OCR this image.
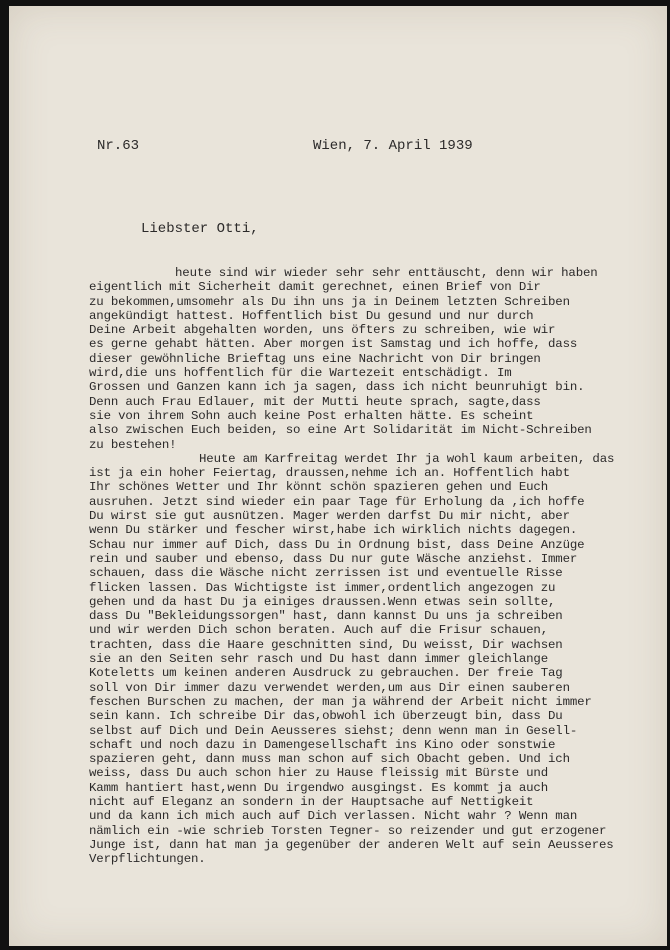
Nr.63	Wien, 7. April 1939
Liebster Otti,
heute sind wir wieder sehr sehr enttäuscht, denn wir haben
eigentlich mit Sicherheit damit gerechnet, einen Brief von Dir
zu bekommen,umsomehr als Du ihn uns ja in Deinem letzten Schreiben
angekündigt hattest. Hoffentlich bist Du gesund und nur durch
Deine Arbeit abgehalten worden, uns öfters zu schreiben, wie wir
es gerne gehabt hätten. Aber morgen ist Samstag und ich hoffe, dass
dieser gewöhnliche Brieftag uns eine Nachricht von Dir bringen
wird,die uns hoffentlich für die Wartezeit entschädigt. Im
Grossen und Ganzen kann ich ja sagen, dass ich nicht beunruhigt bin.
Denn auch Frau Edlauer, mit der Mutti heute sprach, sagte,dass
sie von ihrem Sohn auch keine Post erhalten hätte. Es scheint
also zwischen Euch beiden, so eine Art Solidarität im Nicht-Schreiben
zu bestehen!
Heute am Karfreitag werdet Ihr ja wohl kaum arbeiten, das
ist ja ein hoher Feiertag, draussen,nehme ich an. Hoffentlich habt
Ihr schönes Wetter und Ihr könnt schön spazieren gehen und Euch
ausruhen. Jetzt sind wieder ein paar Tage für Erholung da ,ich hoffe
Du wirst sie gut ausnützen. Mager werden darfst Du mir nicht, aber
wenn Du stärker und fescher wirst,habe ich wirklich nichts dagegen.
Schau nur immer auf Dich, dass Du in Ordnung bist, dass Deine Anzüge
rein und sauber und ebenso, dass Du nur gute Wäsche anziehst. Immer
schauen, dass die Wäsche nicht zerrissen ist und eventuelle Risse
flicken lassen. Das Wichtigste ist immer,ordentlich angezogen zu
gehen und da hast Du ja einiges draussen.Wenn etwas sein sollte,
dass Du "Bekleidungssorgen" hast, dann kannst Du uns ja schreiben
und wir werden Dich schon beraten. Auch auf die Frisur schauen,
trachten, dass die Haare geschnitten sind, Du weisst, Dir wachsen
sie an den Seiten sehr rasch und Du hast dann immer gleichlange
Koteletts um keinen anderen Ausdruck zu gebrauchen. Der freie Tag
soll von Dir immer dazu verwendet werden,um aus Dir einen sauberen
feschen Burschen zu machen, der man ja während der Arbeit nicht immer
sein kann. Ich schreibe Dir das,obwohl ich überzeugt bin, dass Du
selbst auf Dich und Dein Aeusseres siehst; denn wenn man in Gesell-
schaft und noch dazu in Damengesellschaft ins Kino oder sonstwie
spazieren geht, dann muss man schon auf sich Obacht geben. Und ich
weiss, dass Du auch schon hier zu Hause fleissig mit Bürste und
Kamm hantiert hast,wenn Du irgendwo ausgingst. Es kommt ja auch
nicht auf Eleganz an sondern in der Hauptsache auf Nettigkeit
und da kann ich mich auch auf Dich verlassen. Nicht wahr ? Wenn man
nämlich ein -wie schrieb Torsten Tegner- so reizender und gut erzogener
Junge ist, dann hat man ja gegenüber der anderen Welt auf sein Aeusseres
Verpflichtungen.
